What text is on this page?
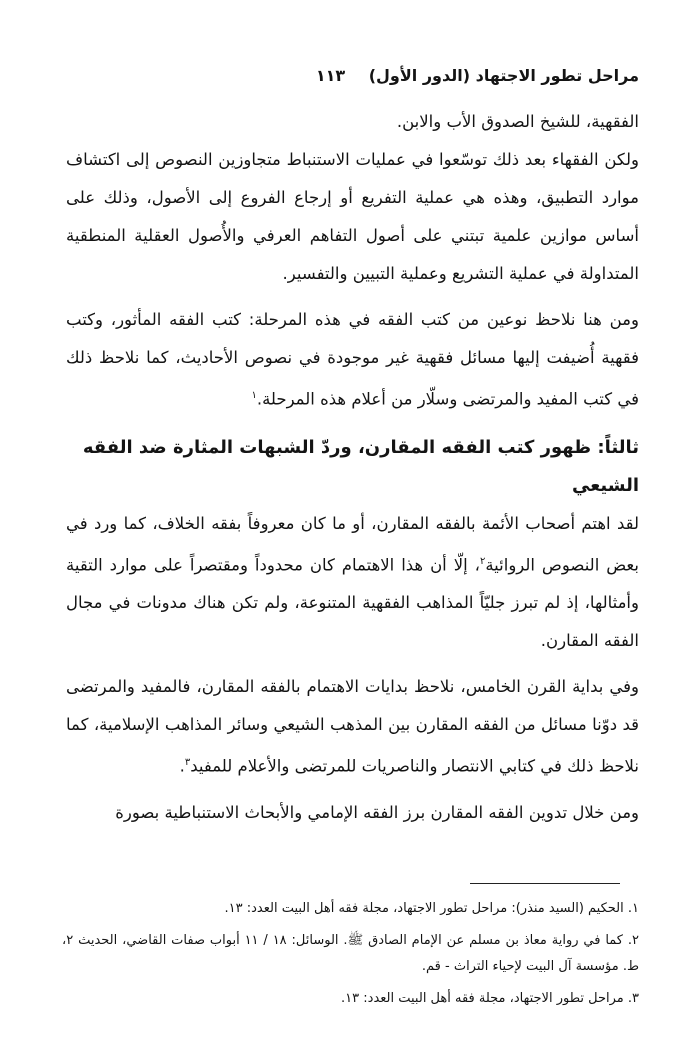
مراحل تطور الاجتهاد (الدور الأول) ١١٣

الفقهية، للشيخ الصدوق الأب والابن.

ولكن الفقهاء بعد ذلك توسّعوا في عمليات الاستنباط متجاوزين النصوص إلى اكتشاف موارد التطبيق، وهذه هي عملية التفريع أو إرجاع الفروع إلى الأصول، وذلك على أساس موازين علمية تبتني على أصول التفاهم العرفي والأُصول العقلية المنطقية المتداولة في عملية التشريع وعملية التبيين والتفسير.

ومن هنا نلاحظ نوعين من كتب الفقه في هذه المرحلة: كتب الفقه المأثور، وكتب فقهية أُضيفت إليها مسائل فقهية غير موجودة في نصوص الأحاديث، كما نلاحظ ذلك في كتب المفيد والمرتضى وسلّار من أعلام هذه المرحلة.$^١$

ثالثاً: ظهور كتب الفقه المقارن، وردّ الشبهات المثارة ضد الفقه الشيعي

لقد اهتم أصحاب الأئمة بالفقه المقارن، أو ما كان معروفاً بفقه الخلاف، كما ورد في بعض النصوص الروائية$^٢$، إلّا أن هذا الاهتمام كان محدوداً ومقتصراً على موارد التقية وأمثالها، إذ لم تبرز جليّاً المذاهب الفقهية المتنوعة، ولم تكن هناك مدونات في مجال الفقه المقارن.

وفي بداية القرن الخامس، نلاحظ بدايات الاهتمام بالفقه المقارن، فالمفيد والمرتضى قد دوّنا مسائل من الفقه المقارن بين المذهب الشيعي وسائر المذاهب الإسلامية، كما نلاحظ ذلك في كتابي الانتصار والناصريات للمرتضى والأعلام للمفيد$^٣$.

ومن خلال تدوين الفقه المقارن برز الفقه الإمامي والأبحاث الاستنباطية بصورة

١. الحكيم (السيد منذر): مراحل تطور الاجتهاد، مجلة فقه أهل البيت العدد: ١٣.

٢. كما في رواية معاذ بن مسلم عن الإمام الصادق ﷺ. الوسائل: ١٨ / ١١ أبواب صفات القاضي، الحديث ٢، ط. مؤسسة آل البيت لإحياء التراث - قم.

٣. مراحل تطور الاجتهاد، مجلة فقه أهل البيت العدد: ١٣.
